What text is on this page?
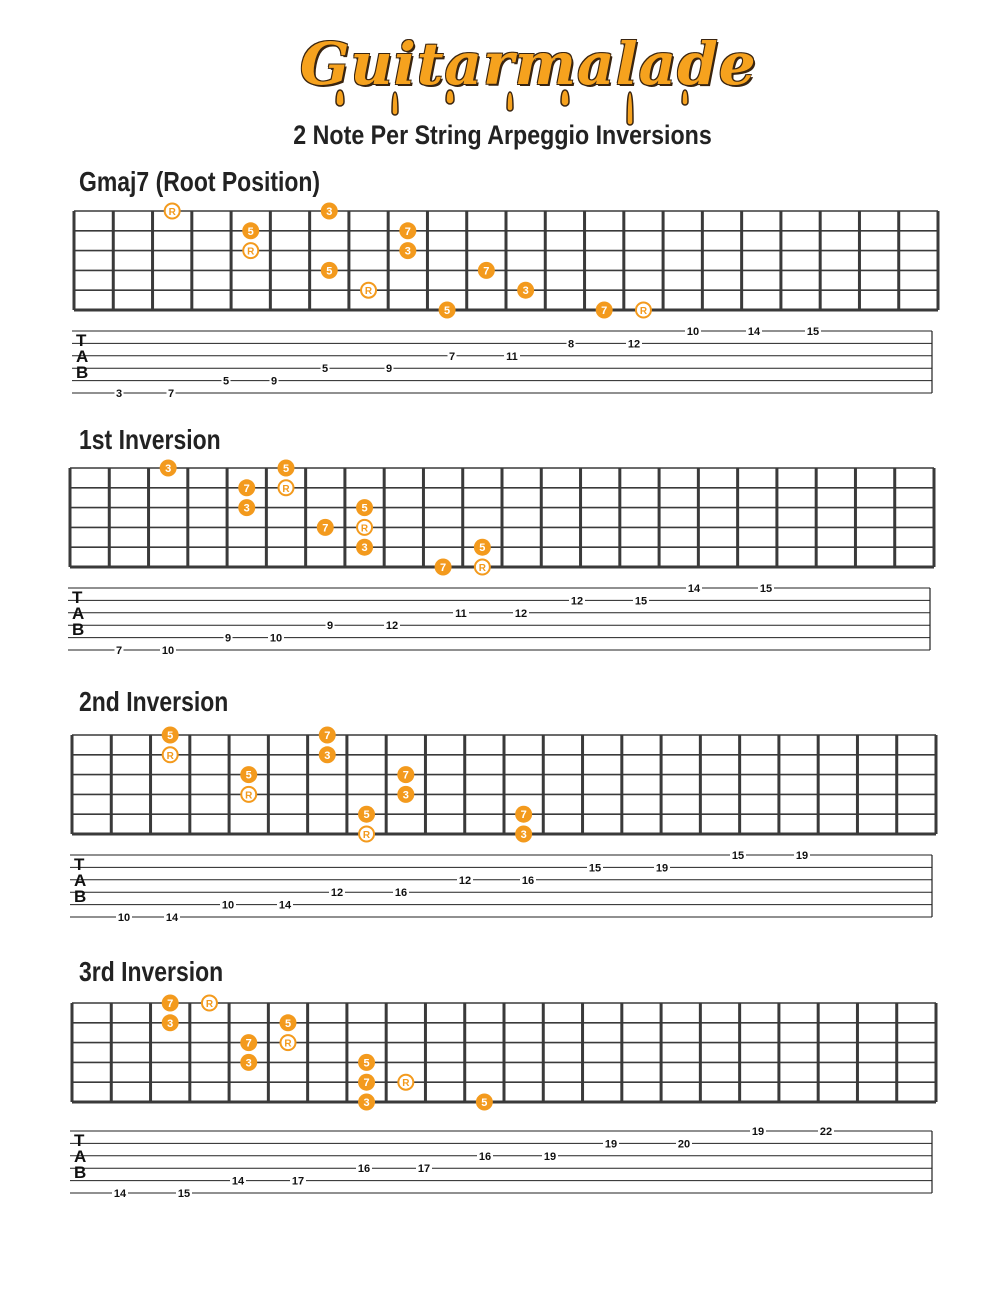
Guitarmalade
2 Note Per String Arpeggio Inversions
Gmaj7 (Root Position)
1st Inversion
2nd Inversion
3rd Inversion
R	3
5	7
R	3
5	7
R	3
5	7	R
T
A
B
3	7
5	9
5	9
7	11
8	12
10	14	15
3	5
7	R
3	5
7	R
3	5
7	R
T
A
B
7	10
9	10
9	12
11	12
12	15
14	15
5	7
R	3
5	7
R	3
5	7
R	3
T
A
B
10	14
10	14
12	16
12	16
15	19
15	19
7	R
3	5
7	R
3	5
7	R
3	5
T
A
B
14	15
14	17
16	17
16	19
19	20
19	22
